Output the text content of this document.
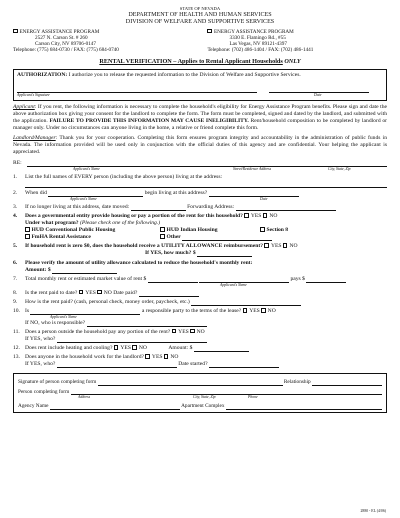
STATE OF NEVADA
DEPARTMENT OF HEALTH AND HUMAN SERVICES
DIVISION OF WELFARE AND SUPPORTIVE SERVICES
ENERGY ASSISTANCE PROGRAM
2527 N. Carson St. # 260
Carson City, NV 89706-0147
Telephone: (775) 684-0730 / FAX: (775) 684-0740
ENERGY ASSISTANCE PROGRAM
3330 E. Flamingo Rd., #55
Las Vegas, NV 89121-4397
Telephone: (702) 486-1404 / FAX: (702) 486-1441
RENTAL VERIFICATION – Applies to Rental Applicant Households ONLY
AUTHORIZATION: I authorize you to release the requested information to the Division of Welfare and Supportive Services.
Applicant's Signature	Date
Applicant: If you rent, the following information is necessary to complete the household's eligibility for Energy Assistance Program benefits. Please sign and date the above authorization box giving your consent for the landlord to complete the form. The form must be completed, signed and dated by the landlord, and submitted with the application. FAILURE TO PROVIDE THIS INFORMATION MAY CAUSE INELIGIBILITY. Rent/household composition to be completed by landlord or manager only. Under no circumstances can anyone living in the home, a relative or friend complete this form.
Landlord/Manager: Thank you for your cooperation. Completing this form ensures program integrity and accountability in the administration of public funds in Nevada. The information provided will be used only in conjunction with the official duties of this agency and are confidential. Your helping the applicant is appreciated.
RE:
Applicant's Name	Street/Residence Address	City, State, Zip
1.	List the full names of EVERY person (including the above person) living at the address:
2.	When did	begin living at this address?
Applicant's Name	Date
3.	If no longer living at this address, date moved:	Forwarding Address:
4.	Does a governmental entity provide housing or pay a portion of the rent for this household? YES NO
Under what program? (Please check one of the following.)
HUD Conventional Public Housing	HUD Indian Housing	Section 8
FmHA Rental Assistance	Other
5.	If household rent is zero $0, does the household receive a UTILITY ALLOWANCE reimbursement? YES NO
If YES, how much? $
6.	Please verify the amount of utility allowance calculated to reduce the household's monthly rent:
Amount: $
7.	Total monthly rent or estimated market value of rent $	pays $
Applicant's Name
8.	Is the rent paid to date? YES NO Date paid?
9.	How is the rent paid? (cash, personal check, money order, paycheck, etc.)
10. Is	a responsible party to the terms of the lease? YES NO
Applicant's Name
If NO, who is responsible?
11. Does a person outside the household pay any portion of the rent? YES NO
If YES, who?
12. Does rent include heating and cooling? YES NO	Amount: $
13. Does anyone in the household work for the landlord? YES NO
If YES, who?	Date started?
Signature of person completing form

	Relationship

Person completing form

Address	City, State, Zip	Phone
Agency Name

	Apartment Complex

2880 - EL (4/06)
